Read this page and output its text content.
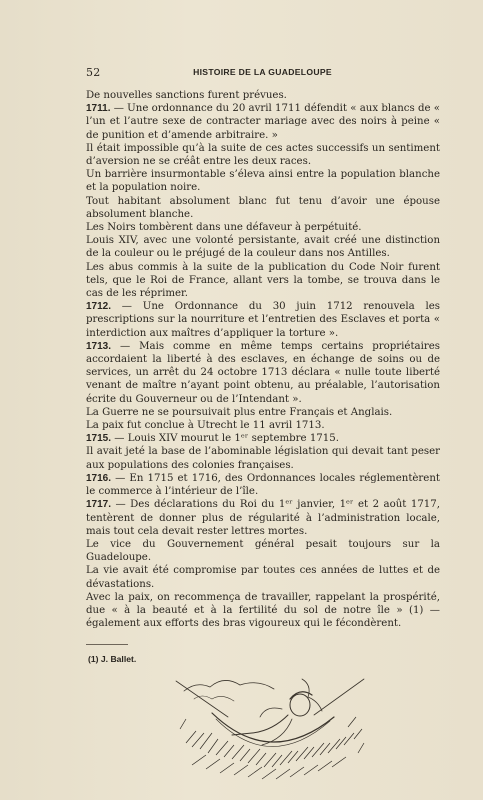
52	HISTOIRE DE LA GUADELOUPE

De nouvelles sanctions furent prévues.

1711. — Une ordonnance du 20 avril 1711 défendit « aux blancs de « l’un et l’autre sexe de contracter mariage avec des noirs à peine « de punition et d’amende arbitraire. »

Il était impossible qu’à la suite de ces actes successifs un sentiment d’aversion ne se créât entre les deux races.

Un barrière insurmontable s’éleva ainsi entre la population blanche et la population noire.

Tout habitant absolument blanc fut tenu d’avoir une épouse absolument blanche.

Les Noirs tombèrent dans une défaveur à perpétuité.

Louis XIV, avec une volonté persistante, avait créé une distinction de la couleur ou le préjugé de la couleur dans nos Antilles.

Les abus commis à la suite de la publication du Code Noir furent tels, que le Roi de France, allant vers la tombe, se trouva dans le cas de les réprimer.

1712. — Une Ordonnance du 30 juin 1712 renouvela les prescriptions sur la nourriture et l’entretien des Esclaves et porta « interdiction aux maîtres d’appliquer la torture ».

1713. — Mais comme en même temps certains propriétaires accordaient la liberté à des esclaves, en échange de soins ou de services, un arrêt du 24 octobre 1713 déclara « nulle toute liberté venant de maître n’ayant point obtenu, au préalable, l’autorisation écrite du Gouverneur ou de l’Intendant ».

La Guerre ne se poursuivait plus entre Français et Anglais.

La paix fut conclue à Utrecht le 11 avril 1713.

1715. — Louis XIV mourut le 1ᵉʳ septembre 1715.

Il avait jeté la base de l’abominable législation qui devait tant peser aux populations des colonies françaises.

1716. — En 1715 et 1716, des Ordonnances locales réglementèrent le commerce à l’intérieur de l’île.

1717. — Des déclarations du Roi du 1ᵉʳ janvier, 1ᵉʳ et 2 août 1717, tentèrent de donner plus de régularité à l’administration locale, mais tout cela devait rester lettres mortes.

Le vice du Gouvernement général pesait toujours sur la Guadeloupe.

La vie avait été compromise par toutes ces années de luttes et de dévastations.

Avec la paix, on recommença de travailler, rappelant la prospérité, due « à la beauté et à la fertilité du sol de notre île » (1) — également aux efforts des bras vigoureux qui le fécondèrent.

(1) J. Ballet.
